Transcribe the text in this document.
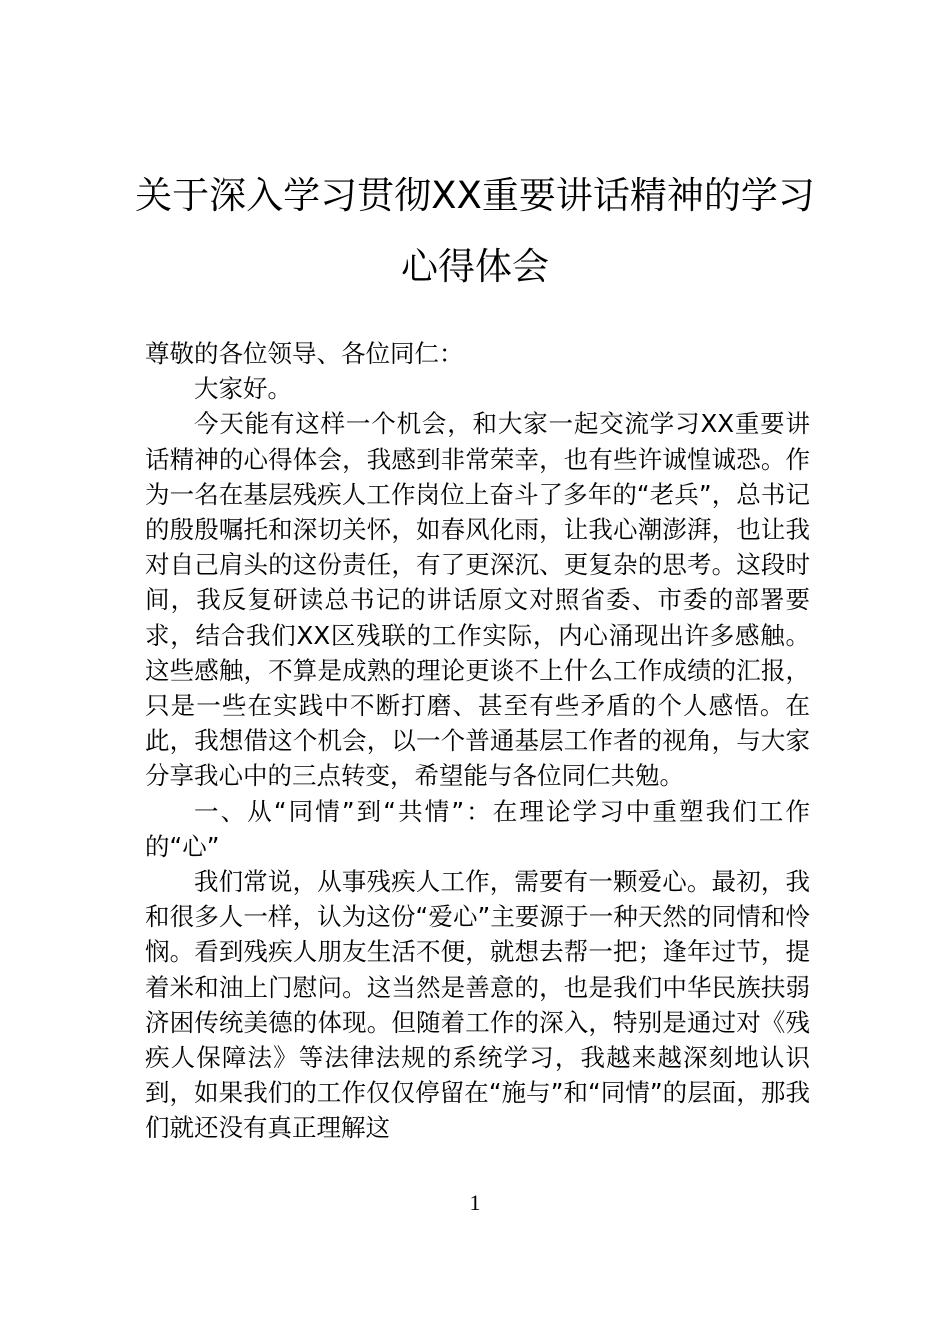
关于深入学习贯彻XX重要讲话精神的学习
心得体会

尊敬的各位领导、各位同仁：

大家好。

今天能有这样一个机会，和大家一起交流学习XX重要讲话精神的心得体会，我感到非常荣幸，也有些许诚惶诚恐。作为一名在基层残疾人工作岗位上奋斗了多年的“老兵”，总书记的殷殷嘱托和深切关怀，如春风化雨，让我心潮澎湃，也让我对自己肩头的这份责任，有了更深沉、更复杂的思考。这段时间，我反复研读总书记的讲话原文对照省委、市委的部署要求，结合我们XX区残联的工作实际，内心涌现出许多感触。这些感触，不算是成熟的理论更谈不上什么工作成绩的汇报，只是一些在实践中不断打磨、甚至有些矛盾的个人感悟。在此，我想借这个机会，以一个普通基层工作者的视角，与大家分享我心中的三点转变，希望能与各位同仁共勉。

一、从“同情”到“共情”：在理论学习中重塑我们工作的“心”

我们常说，从事残疾人工作，需要有一颗爱心。最初，我和很多人一样，认为这份“爱心”主要源于一种天然的同情和怜悯。看到残疾人朋友生活不便，就想去帮一把；逢年过节，提着米和油上门慰问。这当然是善意的，也是我们中华民族扶弱济困传统美德的体现。但随着工作的深入，特别是通过对《残疾人保障法》等法律法规的系统学习，我越来越深刻地认识到，如果我们的工作仅仅停留在“施与”和“同情”的层面，那我们就还没有真正理解这

1
